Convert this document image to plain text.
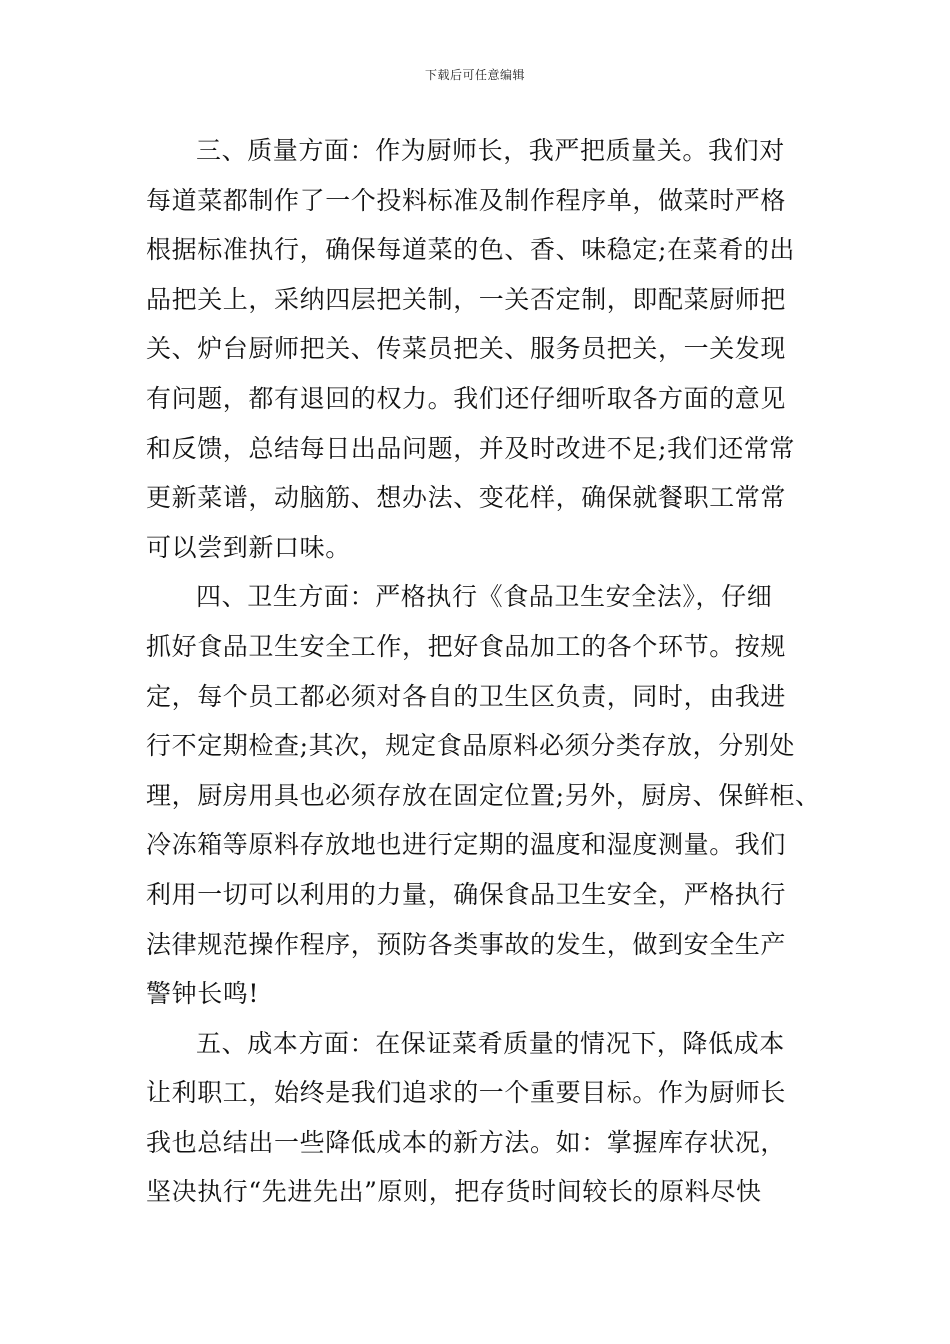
下载后可任意编辑
三、质量方面：作为厨师长，我严把质量关。我们对
每道菜都制作了一个投料标准及制作程序单，做菜时严格
根据标准执行，确保每道菜的色、香、味稳定;在菜肴的出
品把关上，采纳四层把关制，一关否定制，即配菜厨师把
关、炉台厨师把关、传菜员把关、服务员把关，一关发现
有问题，都有退回的权力。我们还仔细听取各方面的意见
和反馈，总结每日出品问题，并及时改进不足;我们还常常
更新菜谱，动脑筋、想办法、变花样，确保就餐职工常常
可以尝到新口味。
四、卫生方面：严格执行《食品卫生安全法》，仔细
抓好食品卫生安全工作，把好食品加工的各个环节。按规
定，每个员工都必须对各自的卫生区负责，同时，由我进
行不定期检查;其次，规定食品原料必须分类存放，分别处
理，厨房用具也必须存放在固定位置;另外，厨房、保鲜柜、
冷冻箱等原料存放地也进行定期的温度和湿度测量。我们
利用一切可以利用的力量，确保食品卫生安全，严格执行
法律规范操作程序，预防各类事故的发生，做到安全生产
警钟长鸣!
五、成本方面：在保证菜肴质量的情况下，降低成本
让利职工，始终是我们追求的一个重要目标。作为厨师长
我也总结出一些降低成本的新方法。如：掌握库存状况，
坚决执行“先进先出”原则，把存货时间较长的原料尽快
